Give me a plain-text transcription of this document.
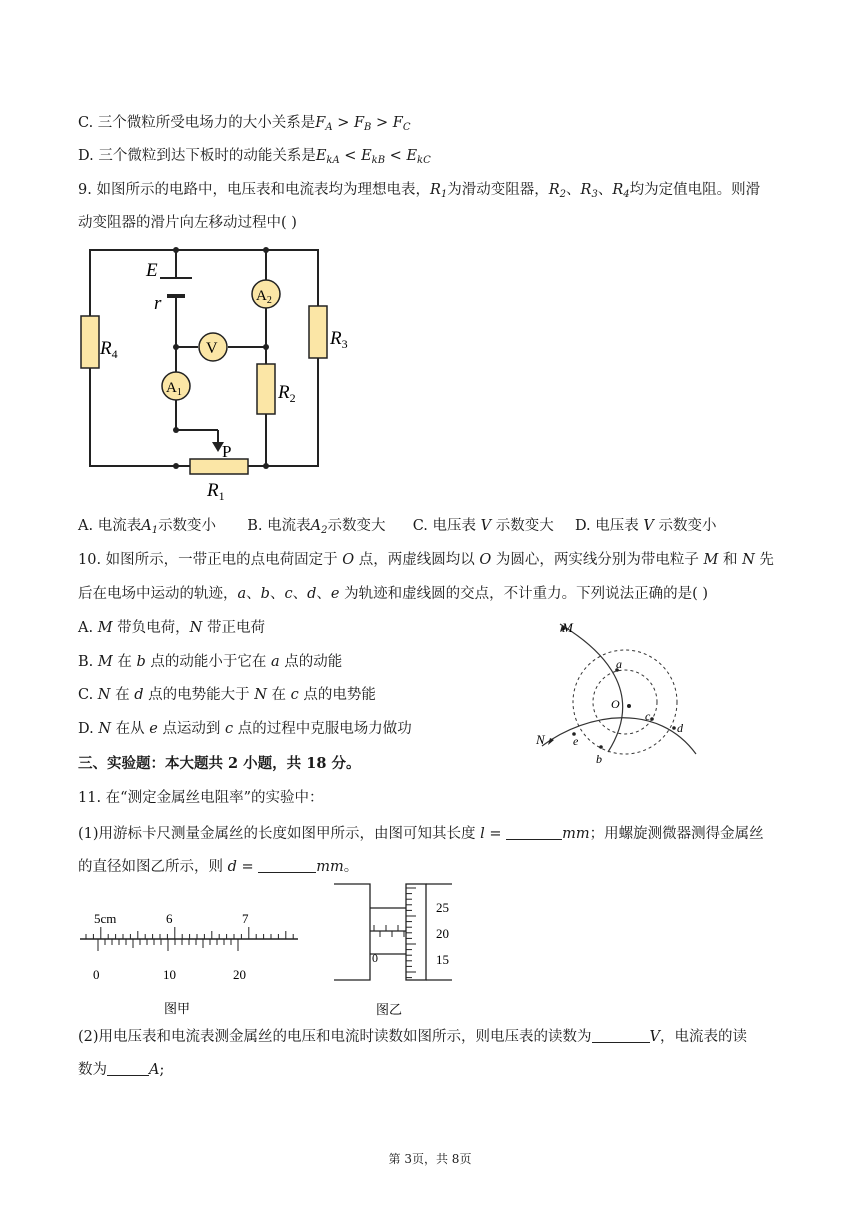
C. 三个微粒所受电场力的大小关系是$F_A > F_B > F_C$
D. 三个微粒到达下板时的动能关系是$E_{kA} < E_{kB} < E_{kC}$
9. 如图所示的电路中，电压表和电流表均为理想电表，$R_1$为滑动变阻器，$R_2$、$R_3$、$R_4$均为定值电阻。则滑
动变阻器的滑片向左移动过程中( )
E
r	$A_2$
V
$A_1$
$R_4$
$R_3$
$R_2$
$R_1$
P
A. 电流表$A_1$示数变小 B. 电流表$A_2$示数变大 C. 电压表 V 示数变大 D. 电压表 V 示数变小
10. 如图所示，一带正电的点电荷固定于 O 点，两虚线圆均以 O 为圆心，两实线分别为带电粒子 M 和 N 先
后在电场中运动的轨迹，a、b、c、d、e 为轨迹和虚线圆的交点，不计重力。下列说法正确的是( )
A. M 带负电荷，N 带正电荷
B. M 在 b 点的动能小于它在 a 点的动能
C. N 在 d 点的电势能大于 N 在 c 点的电势能
D. N 在从 e 点运动到 c 点的过程中克服电场力做功
M
N
O
a
b
c
d
e
三、实验题：本大题共 2 小题，共 18 分。
11. 在“测定金属丝电阻率”的实验中：
(1)用游标卡尺测量金属丝的长度如图甲所示，由图可知其长度 l =	mm；用螺旋测微器测得金属丝
的直径如图乙所示，则 d =	mm。
5cm	6	7
0	10	20
图甲
0
25
20
15
图乙
(2)用电压表和电流表测金属丝的电压和电流时读数如图所示，则电压表的读数为	V，电流表的读
数为	A;
第 3页，共 8页
